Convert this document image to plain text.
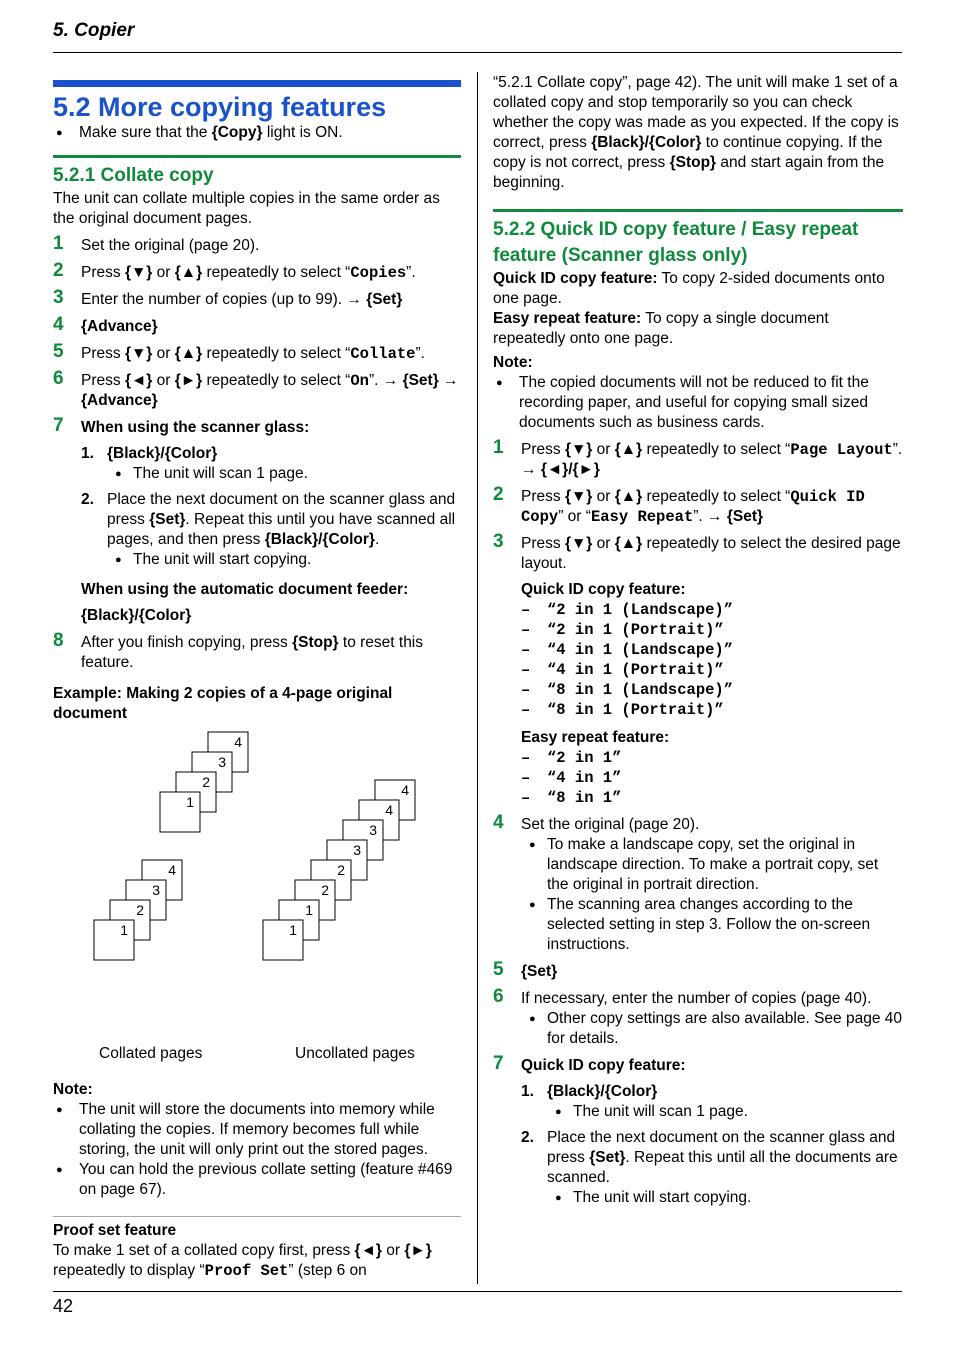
5. Copier
5.2 More copying features
● Make sure that the {Copy} light is ON.
5.2.1 Collate copy
The unit can collate multiple copies in the same order as the original document pages.
1 Set the original (page 20).
2 Press {▼} or {▲} repeatedly to select “Copies”.
3 Enter the number of copies (up to 99). → {Set}
4 {Advance}
5 Press {▼} or {▲} repeatedly to select “Collate”.
6 Press {◄} or {►} repeatedly to select “On”. → {Set} → {Advance}
7 When using the scanner glass:
1. {Black}/{Color}
● The unit will scan 1 page.
2. Place the next document on the scanner glass and press {Set}. Repeat this until you have scanned all pages, and then press {Black}/{Color}.
● The unit will start copying.
When using the automatic document feeder:
{Black}/{Color}
8 After you finish copying, press {Stop} to reset this feature.
Example: Making 2 copies of a 4-page original document
4
3
2
1
4
3
2
1
4
4
3
3
2
2
1
1
Collated pages	Uncollated pages
Note:
● The unit will store the documents into memory while collating the copies. If memory becomes full while storing, the unit will only print out the stored pages.
● You can hold the previous collate setting (feature #469 on page 67).
Proof set feature
To make 1 set of a collated copy first, press {◄} or {►} repeatedly to display “Proof Set” (step 6 on
“5.2.1 Collate copy”, page 42). The unit will make 1 set of a collated copy and stop temporarily so you can check whether the copy was made as you expected. If the copy is correct, press {Black}/{Color} to continue copying. If the copy is not correct, press {Stop} and start again from the beginning.
5.2.2 Quick ID copy feature / Easy repeat feature (Scanner glass only)
Quick ID copy feature: To copy 2-sided documents onto one page.
Easy repeat feature: To copy a single document repeatedly onto one page.
Note:
● The copied documents will not be reduced to fit the recording paper, and useful for copying small sized documents such as business cards.
1 Press {▼} or {▲} repeatedly to select “Page Layout”. → {◄}/{►}
2 Press {▼} or {▲} repeatedly to select “Quick ID Copy” or “Easy Repeat”. → {Set}
3 Press {▼} or {▲} repeatedly to select the desired page layout.
Quick ID copy feature:
– “2 in 1 (Landscape)”
– “2 in 1 (Portrait)”
– “4 in 1 (Landscape)”
– “4 in 1 (Portrait)”
– “8 in 1 (Landscape)”
– “8 in 1 (Portrait)”
Easy repeat feature:
– “2 in 1”
– “4 in 1”
– “8 in 1”
4 Set the original (page 20).
● To make a landscape copy, set the original in landscape direction. To make a portrait copy, set the original in portrait direction.
● The scanning area changes according to the selected setting in step 3. Follow the on-screen instructions.
5 {Set}
6 If necessary, enter the number of copies (page 40).
● Other copy settings are also available. See page 40 for details.
7 Quick ID copy feature:
1. {Black}/{Color}
● The unit will scan 1 page.
2. Place the next document on the scanner glass and press {Set}. Repeat this until all the documents are scanned.
● The unit will start copying.
42
